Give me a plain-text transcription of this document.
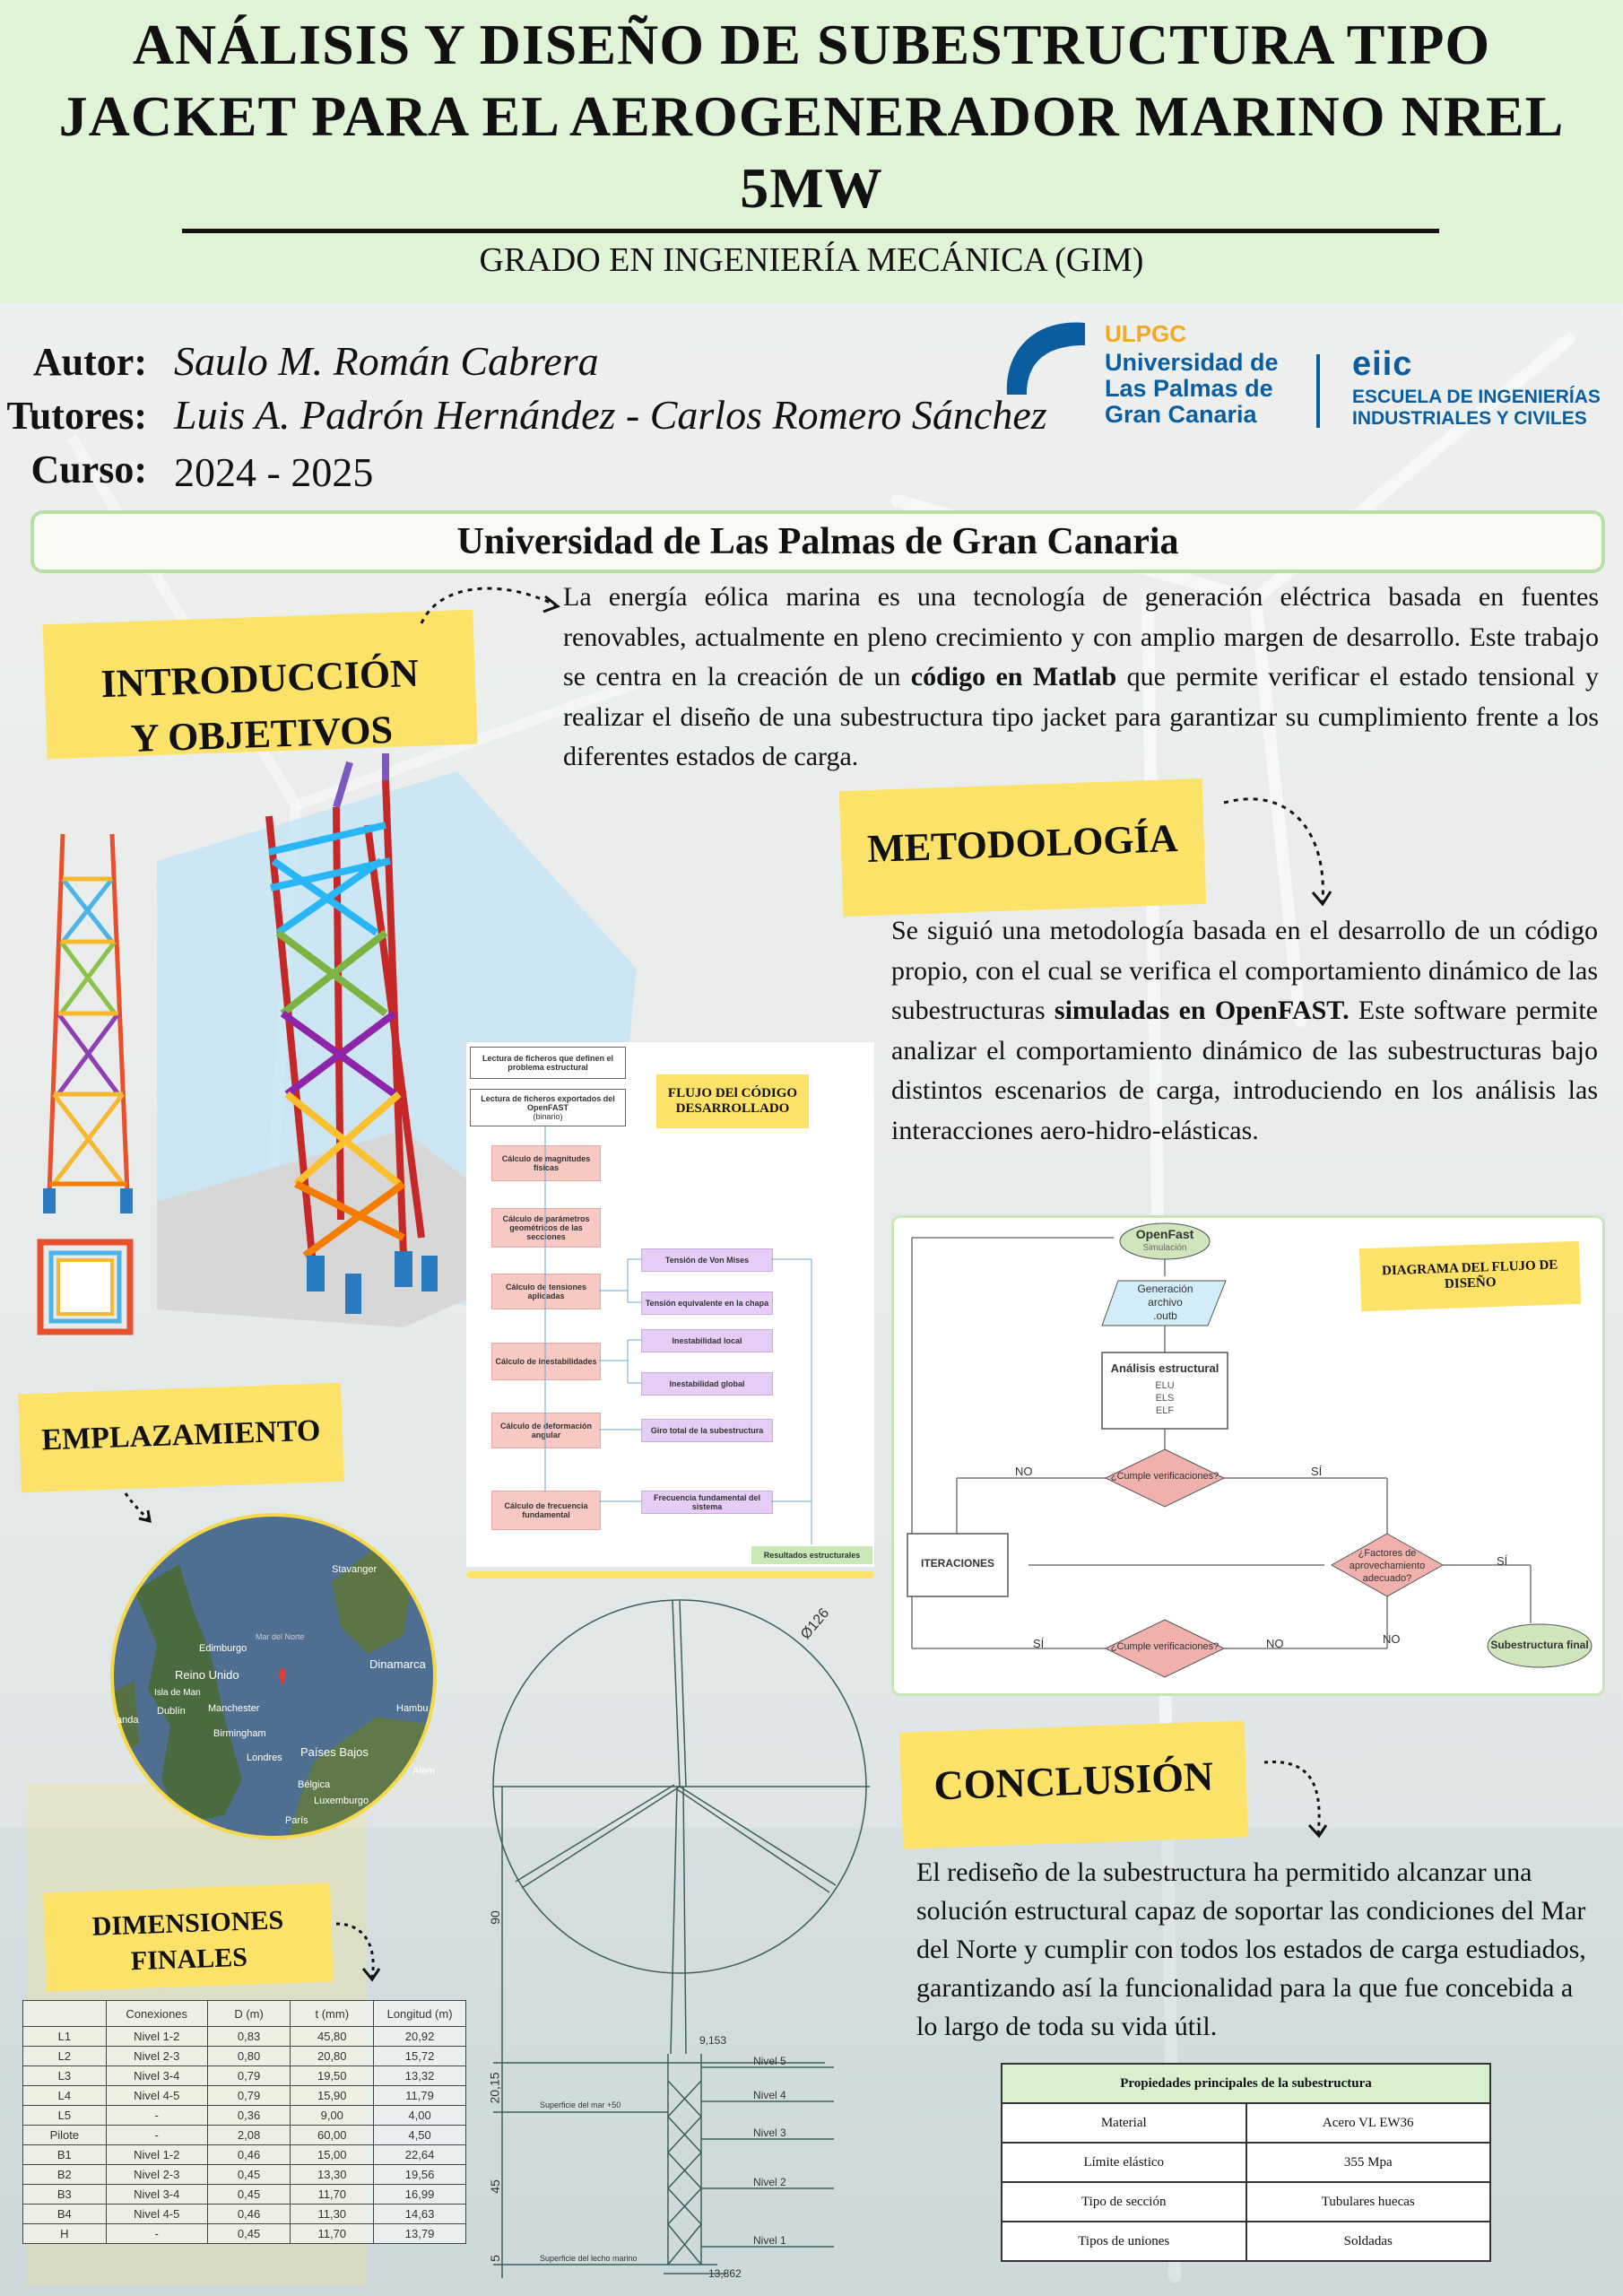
ANÁLISIS Y DISEÑO DE SUBESTRUCTURA TIPO JACKET PARA EL AEROGENERADOR MARINO NREL 5MW
GRADO EN INGENIERÍA MECÁNICA (GIM)
Autor: Saulo M. Román Cabrera
Tutores: Luis A. Padrón Hernández - Carlos Romero Sánchez
Curso: 2024 - 2025
ULPGC
Universidad de
Las Palmas de
Gran Canaria
eiic
ESCUELA DE INGENIERÍAS
INDUSTRIALES Y CIVILES
Universidad de Las Palmas de Gran Canaria
INTRODUCCIÓN
Y OBJETIVOS
La energía eólica marina es una tecnología de generación eléctrica basada en fuentes renovables, actualmente en pleno crecimiento y con amplio margen de desarrollo. Este trabajo se centra en la creación de un código en Matlab que permite verificar el estado tensional y realizar el diseño de una subestructura tipo jacket para garantizar su cumplimiento frente a los diferentes estados de carga.
METODOLOGÍA
Se siguió una metodología basada en el desarrollo de un código propio, con el cual se verifica el comportamiento dinámico de las subestructuras simuladas en OpenFAST. Este software permite analizar el comportamiento dinámico de las subestructuras bajo distintos escenarios de carga, introduciendo en los análisis las interacciones aero-hidro-elásticas.
Lectura de ficheros que definen el problema estructural
Lectura de ficheros exportados del OpenFAST
(binario)
FLUJO DEl CÓDIGO DESARROLLADO
Cálculo de magnitudes físicas
Cálculo de parámetros geométricos de las secciones
Cálculo de tensiones aplicadas
Cálculo de inestabilidades
Cálculo de deformación angular
Cálculo de frecuencia fundamental
Tensión de Von Mises
Tensión equivalente en la chapa
Inestabilidad local
Inestabilidad global
Giro total de la subestructura
Frecuencia fundamental del sistema
Resultados estructurales
DIAGRAMA DEL FLUJO DE DISEÑO
OpenFast
Simulación
Generación
archivo
.outb
Análisis estructural
ELU
ELS
ELF
¿Cumple verificaciones?
NO	SÍ
ITERACIONES
¿Factores de
aprovechamiento
adecuado?
SÍ
NO
¿Cumple verificaciones?
SÍ	NO	Subestructura final
EMPLAZAMIENTO
Stavanger
Edimburgo
Mar del Norte
Reino Unido
Isla de Man
Dublín Manchester
Birmingham
Londres
Dinamarca
Hambu
Países Bajos
Bélgica
Luxemburgo
París
Alem
anda
Ø126
90
20,15
45
5
9,153
13,862
Superficie del mar +50
Superficie del lecho marino
Nivel 5
Nivel 4
Nivel 3
Nivel 2
Nivel 1
DIMENSIONES
FINALES
	Conexiones	D (m)	t (mm)	Longitud (m)
L1	Nivel 1-2	0,83	45,80	20,92
L2	Nivel 2-3	0,80	20,80	15,72
L3	Nivel 3-4	0,79	19,50	13,32
L4	Nivel 4-5	0,79	15,90	11,79
L5	-	0,36	9,00	4,00
Pilote	-	2,08	60,00	4,50
B1	Nivel 1-2	0,46	15,00	22,64
B2	Nivel 2-3	0,45	13,30	19,56
B3	Nivel 3-4	0,45	11,70	16,99
B4	Nivel 4-5	0,46	11,30	14,63
H	-	0,45	11,70	13,79
CONCLUSIÓN
El rediseño de la subestructura ha permitido alcanzar una solución estructural capaz de soportar las condiciones del Mar del Norte y cumplir con todos los estados de carga estudiados, garantizando así la funcionalidad para la que fue concebida a lo largo de toda su vida útil.
Propiedades principales de la subestructura	
Material	Acero VL EW36
Límite elástico	355 Mpa
Tipo de sección	Tubulares huecas
Tipos de uniones	Soldadas
